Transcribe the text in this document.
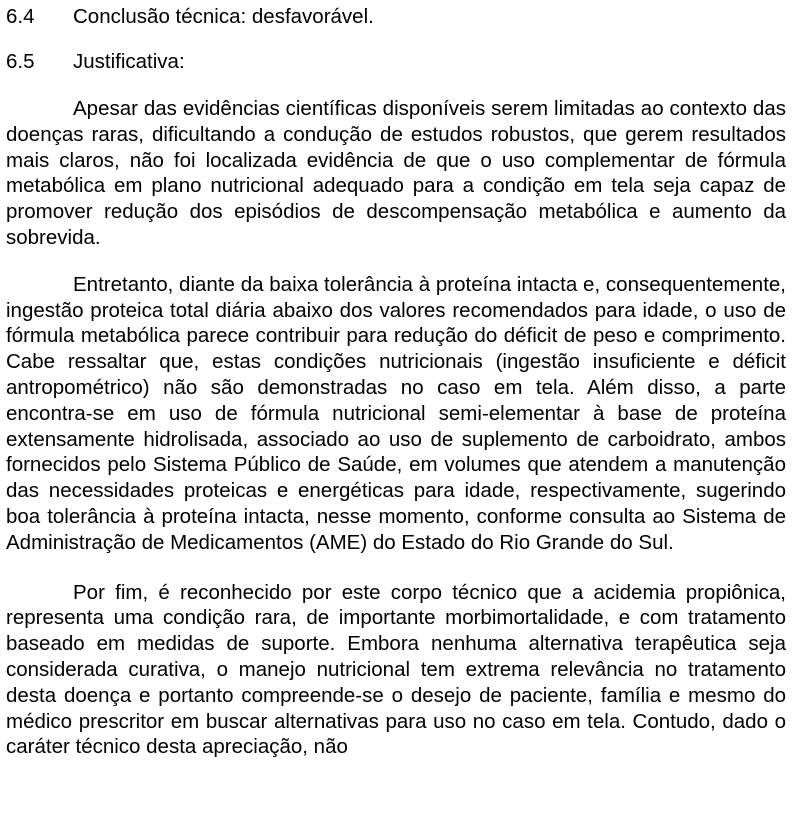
6.4	Conclusão técnica: desfavorável.
6.5	Justificativa:

Apesar das evidências científicas disponíveis serem limitadas ao contexto das doenças raras, dificultando a condução de estudos robustos, que gerem resultados mais claros, não foi localizada evidência de que o uso complementar de fórmula metabólica em plano nutricional adequado para a condição em tela seja capaz de promover redução dos episódios de descompensação metabólica e aumento da sobrevida.

Entretanto, diante da baixa tolerância à proteína intacta e, consequentemente, ingestão proteica total diária abaixo dos valores recomendados para idade, o uso de fórmula metabólica parece contribuir para redução do déficit de peso e comprimento. Cabe ressaltar que, estas condições nutricionais (ingestão insuficiente e déficit antropométrico) não são demonstradas no caso em tela. Além disso, a parte encontra-se em uso de fórmula nutricional semi-elementar à base de proteína extensamente hidrolisada, associado ao uso de suplemento de carboidrato, ambos fornecidos pelo Sistema Público de Saúde, em volumes que atendem a manutenção das necessidades proteicas e energéticas para idade, respectivamente, sugerindo boa tolerância à proteína intacta, nesse momento, conforme consulta ao Sistema de Administração de Medicamentos (AME) do Estado do Rio Grande do Sul.

Por fim, é reconhecido por este corpo técnico que a acidemia propiônica, representa uma condição rara, de importante morbimortalidade, e com tratamento baseado em medidas de suporte. Embora nenhuma alternativa terapêutica seja considerada curativa, o manejo nutricional tem extrema relevância no tratamento desta doença e portanto compreende-se o desejo de paciente, família e mesmo do médico prescritor em buscar alternativas para uso no caso em tela. Contudo, dado o caráter técnico desta apreciação, não
